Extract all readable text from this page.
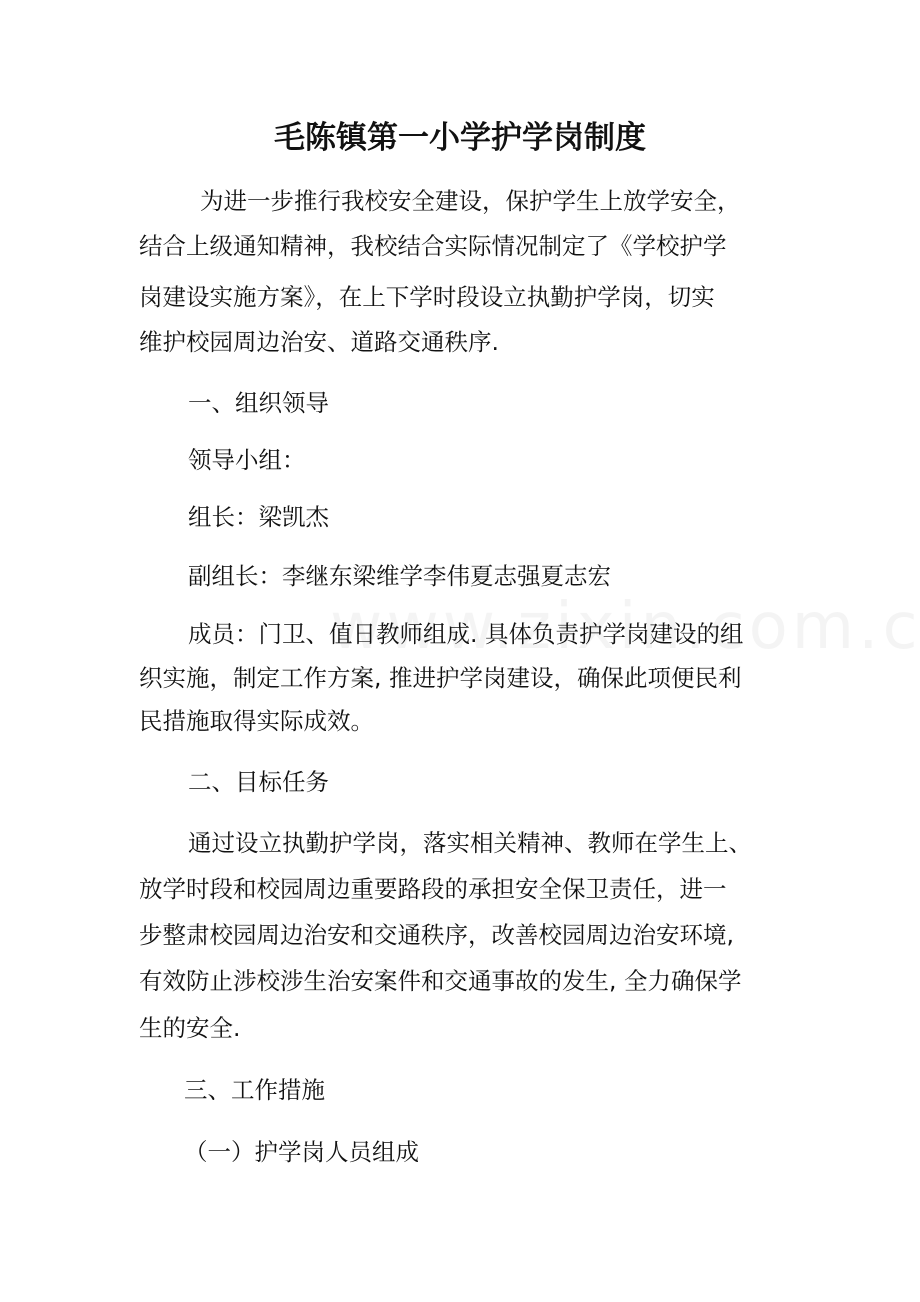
毛陈镇第一小学护学岗制度

为进一步推行我校安全建设，保护学生上放学安全，

结合上级通知精神，我校结合实际情况制定了《学校护学

岗建设实施方案》，在上下学时段设立执勤护学岗，切实

维护校园周边治安、道路交通秩序.

一、组织领导

领导小组：

组长：梁凯杰

副组长：李继东梁维学李伟夏志强夏志宏

成员：门卫、值日教师组成. 具体负责护学岗建设的组

织实施，制定工作方案, 推进护学岗建设，确保此项便民利

民措施取得实际成效。

二、目标任务

通过设立执勤护学岗，落实相关精神、教师在学生上、

放学时段和校园周边重要路段的承担安全保卫责任，进一

步整肃校园周边治安和交通秩序，改善校园周边治安环境,

有效防止涉校涉生治安案件和交通事故的发生, 全力确保学

生的安全.

三、工作措施

（一）护学岗人员组成
